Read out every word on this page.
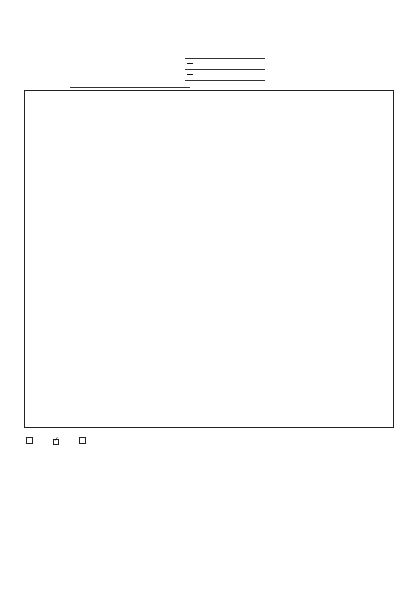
　　　 ✓　　　
